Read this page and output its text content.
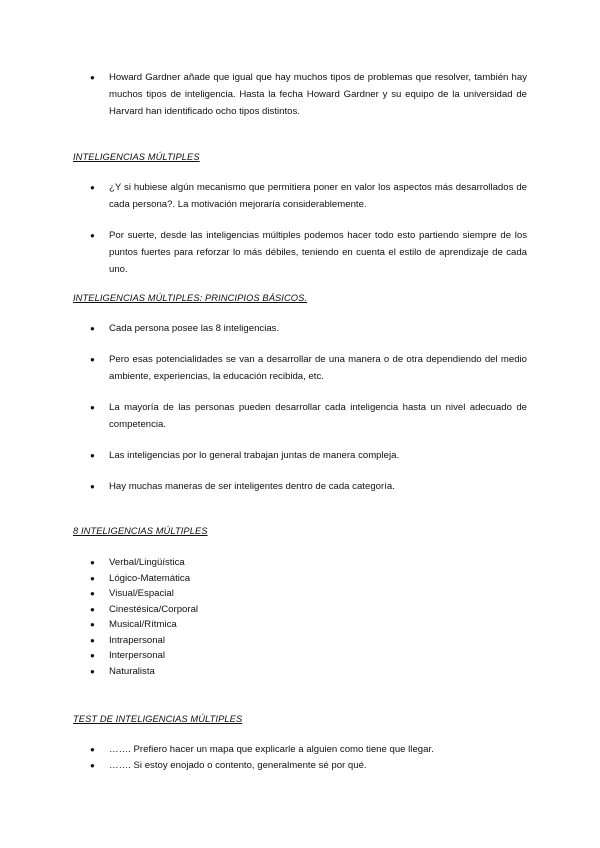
● Howard Gardner añade que igual que hay muchos tipos de problemas que resolver, también hay muchos tipos de inteligencia. Hasta la fecha Howard Gardner y su equipo de la universidad de Harvard han identificado ocho tipos distintos.
INTELIGENCIAS MÚLTIPLES
● ¿Y si hubiese algún mecanismo que permitiera poner en valor los aspectos más desarrollados de cada persona?. La motivación mejoraría considerablemente.
● Por suerte, desde las inteligencias múltiples podemos hacer todo esto partiendo siempre de los puntos fuertes para reforzar lo más débiles, teniendo en cuenta el estilo de aprendizaje de cada uno.
INTELIGENCIAS MÚLTIPLES: PRINCIPIOS BÁSICOS.
● Cada persona posee las 8 inteligencias.
● Pero esas potencialidades se van a desarrollar de una manera o de otra dependiendo del medio ambiente, experiencias, la educación recibida, etc.
● La mayoría de las personas pueden desarrollar cada inteligencia hasta un nivel adecuado de competencia.
● Las inteligencias por lo general trabajan juntas de manera compleja.
● Hay muchas maneras de ser inteligentes dentro de cada categoría.
8 INTELIGENCIAS MÚLTIPLES
● Verbal/Lingüística
● Lógico-Matemática
● Visual/Espacial
● Cinestésica/Corporal
● Musical/Rítmica
● Intrapersonal
● Interpersonal
● Naturalista
TEST DE INTELIGENCIAS MÚLTIPLES
● ……. Prefiero hacer un mapa que explicarle a alguien como tiene que llegar.
● ……. Si estoy enojado o contento, generalmente sé por qué.
